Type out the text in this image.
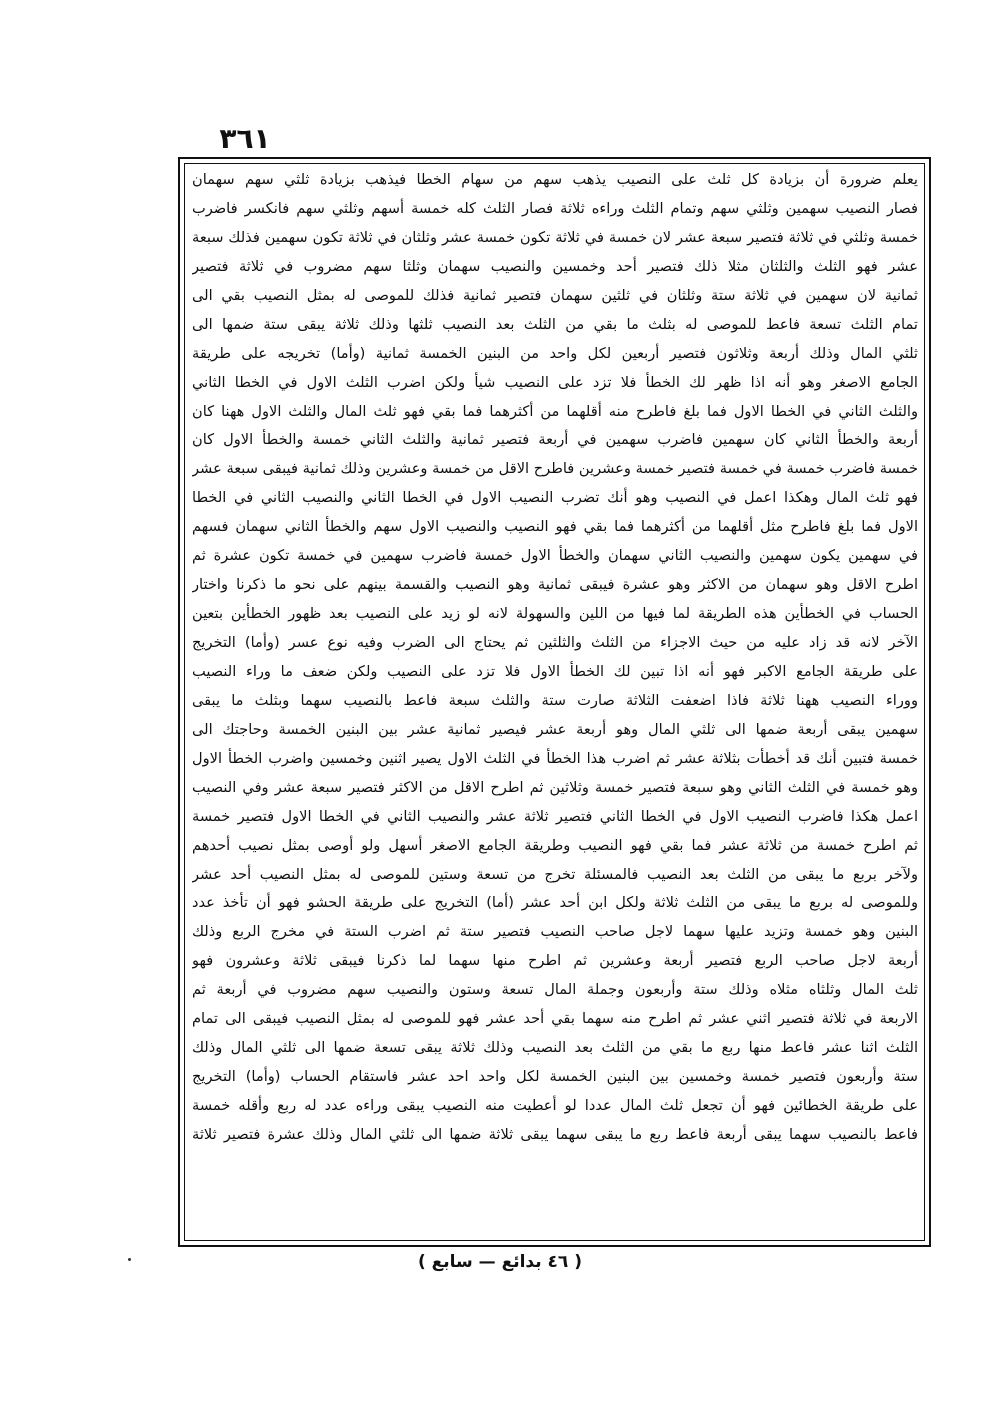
٣٦١
يعلم ضرورة أن بزيادة كل ثلث على النصيب يذهب سهم من سهام الخطا فيذهب بزيادة ثلثي سهم سهمان
فصار النصيب سهمين وثلثي سهم وتمام الثلث وراءه ثلاثة فصار الثلث كله خمسة أسهم وثلثي سهم فانكسر فاضرب
خمسة وثلثي في ثلاثة فتصير سبعة عشر لان خمسة في ثلاثة تكون خمسة عشر وثلثان في ثلاثة تكون سهمين فذلك سبعة
عشر فهو الثلث والثلثان مثلا ذلك فتصير أحد وخمسين والنصيب سهمان وثلثا سهم مضروب في ثلاثة فتصير
ثمانية لان سهمين في ثلاثة ستة وثلثان في ثلثين سهمان فتصير ثمانية فذلك للموصى له بمثل النصيب بقي الى
تمام الثلث تسعة فاعط للموصى له بثلث ما بقي من الثلث بعد النصيب ثلثها وذلك ثلاثة يبقى ستة ضمها الى
ثلثي المال وذلك أربعة وثلاثون فتصير أربعين لكل واحد من البنين الخمسة ثمانية (وأما) تخريجه على طريقة
الجامع الاصغر وهو أنه اذا ظهر لك الخطأ فلا تزد على النصيب شيأ ولكن اضرب الثلث الاول في الخطا الثاني
والثلث الثاني في الخطا الاول فما بلغ فاطرح منه أقلهما من أكثرهما فما بقي فهو ثلث المال والثلث الاول ههنا كان
أربعة والخطأ الثاني كان سهمين فاضرب سهمين في أربعة فتصير ثمانية والثلث الثاني خمسة والخطأ الاول كان
خمسة فاضرب خمسة في خمسة فتصير خمسة وعشرين فاطرح الاقل من خمسة وعشرين وذلك ثمانية فيبقى سبعة عشر
فهو ثلث المال وهكذا اعمل في النصيب وهو أنك تضرب النصيب الاول في الخطا الثاني والنصيب الثاني في الخطا
الاول فما بلغ فاطرح مثل أقلهما من أكثرهما فما بقي فهو النصيب والنصيب الاول سهم والخطأ الثاني سهمان فسهم
في سهمين يكون سهمين والنصيب الثاني سهمان والخطأ الاول خمسة فاضرب سهمين في خمسة تكون عشرة ثم
اطرح الاقل وهو سهمان من الاكثر وهو عشرة فيبقى ثمانية وهو النصيب والقسمة بينهم على نحو ما ذكرنا واختار
الحساب في الخطأين هذه الطريقة لما فيها من اللين والسهولة لانه لو زيد على النصيب بعد ظهور الخطأين بتعين
الآخر لانه قد زاد عليه من حيث الاجزاء من الثلث والثلثين ثم يحتاج الى الضرب وفيه نوع عسر (وأما) التخريج
على طريقة الجامع الاكبر فهو أنه اذا تبين لك الخطأ الاول فلا تزد على النصيب ولكن ضعف ما وراء النصيب
ووراء النصيب ههنا ثلاثة فاذا اضعفت الثلاثة صارت ستة والثلث سبعة فاعط بالنصيب سهما وبثلث ما يبقى
سهمين يبقى أربعة ضمها الى ثلثي المال وهو أربعة عشر فيصير ثمانية عشر بين البنين الخمسة وحاجتك الى
خمسة فتبين أنك قد أخطأت بثلاثة عشر ثم اضرب هذا الخطأ في الثلث الاول يصير اثنين وخمسين واضرب الخطأ الاول
وهو خمسة في الثلث الثاني وهو سبعة فتصير خمسة وثلاثين ثم اطرح الاقل من الاكثر فتصير سبعة عشر وفي النصيب
اعمل هكذا فاضرب النصيب الاول في الخطا الثاني فتصير ثلاثة عشر والنصيب الثاني في الخطا الاول فتصير خمسة
ثم اطرح خمسة من ثلاثة عشر فما بقي فهو النصيب وطريقة الجامع الاصغر أسهل ولو أوصى بمثل نصيب أحدهم
ولآخر بربع ما يبقى من الثلث بعد النصيب فالمسئلة تخرج من تسعة وستين للموصى له بمثل النصيب أحد عشر
وللموصى له بربع ما يبقى من الثلث ثلاثة ولكل ابن أحد عشر (أما) التخريج على طريقة الحشو فهو أن تأخذ عدد
البنين وهو خمسة وتزيد عليها سهما لاجل صاحب النصيب فتصير ستة ثم اضرب الستة في مخرج الربع وذلك
أربعة لاجل صاحب الربع فتصير أربعة وعشرين ثم اطرح منها سهما لما ذكرنا فيبقى ثلاثة وعشرون فهو
ثلث المال وثلثاه مثلاه وذلك ستة وأربعون وجملة المال تسعة وستون والنصيب سهم مضروب في أربعة ثم
الاربعة في ثلاثة فتصير اثني عشر ثم اطرح منه سهما بقي أحد عشر فهو للموصى له بمثل النصيب فيبقى الى تمام
الثلث اثنا عشر فاعط منها ربع ما بقي من الثلث بعد النصيب وذلك ثلاثة يبقى تسعة ضمها الى ثلثي المال وذلك
ستة وأربعون فتصير خمسة وخمسين بين البنين الخمسة لكل واحد احد عشر فاستقام الحساب (وأما) التخريج
على طريقة الخطائين فهو أن تجعل ثلث المال عددا لو أعطيت منه النصيب يبقى وراءه عدد له ربع وأقله خمسة
فاعط بالنصيب سهما يبقى أربعة فاعط ربع ما يبقى سهما يبقى ثلاثة ضمها الى ثلثي المال وذلك عشرة فتصير ثلاثة
( ٤٦ بدائع — سابع )
